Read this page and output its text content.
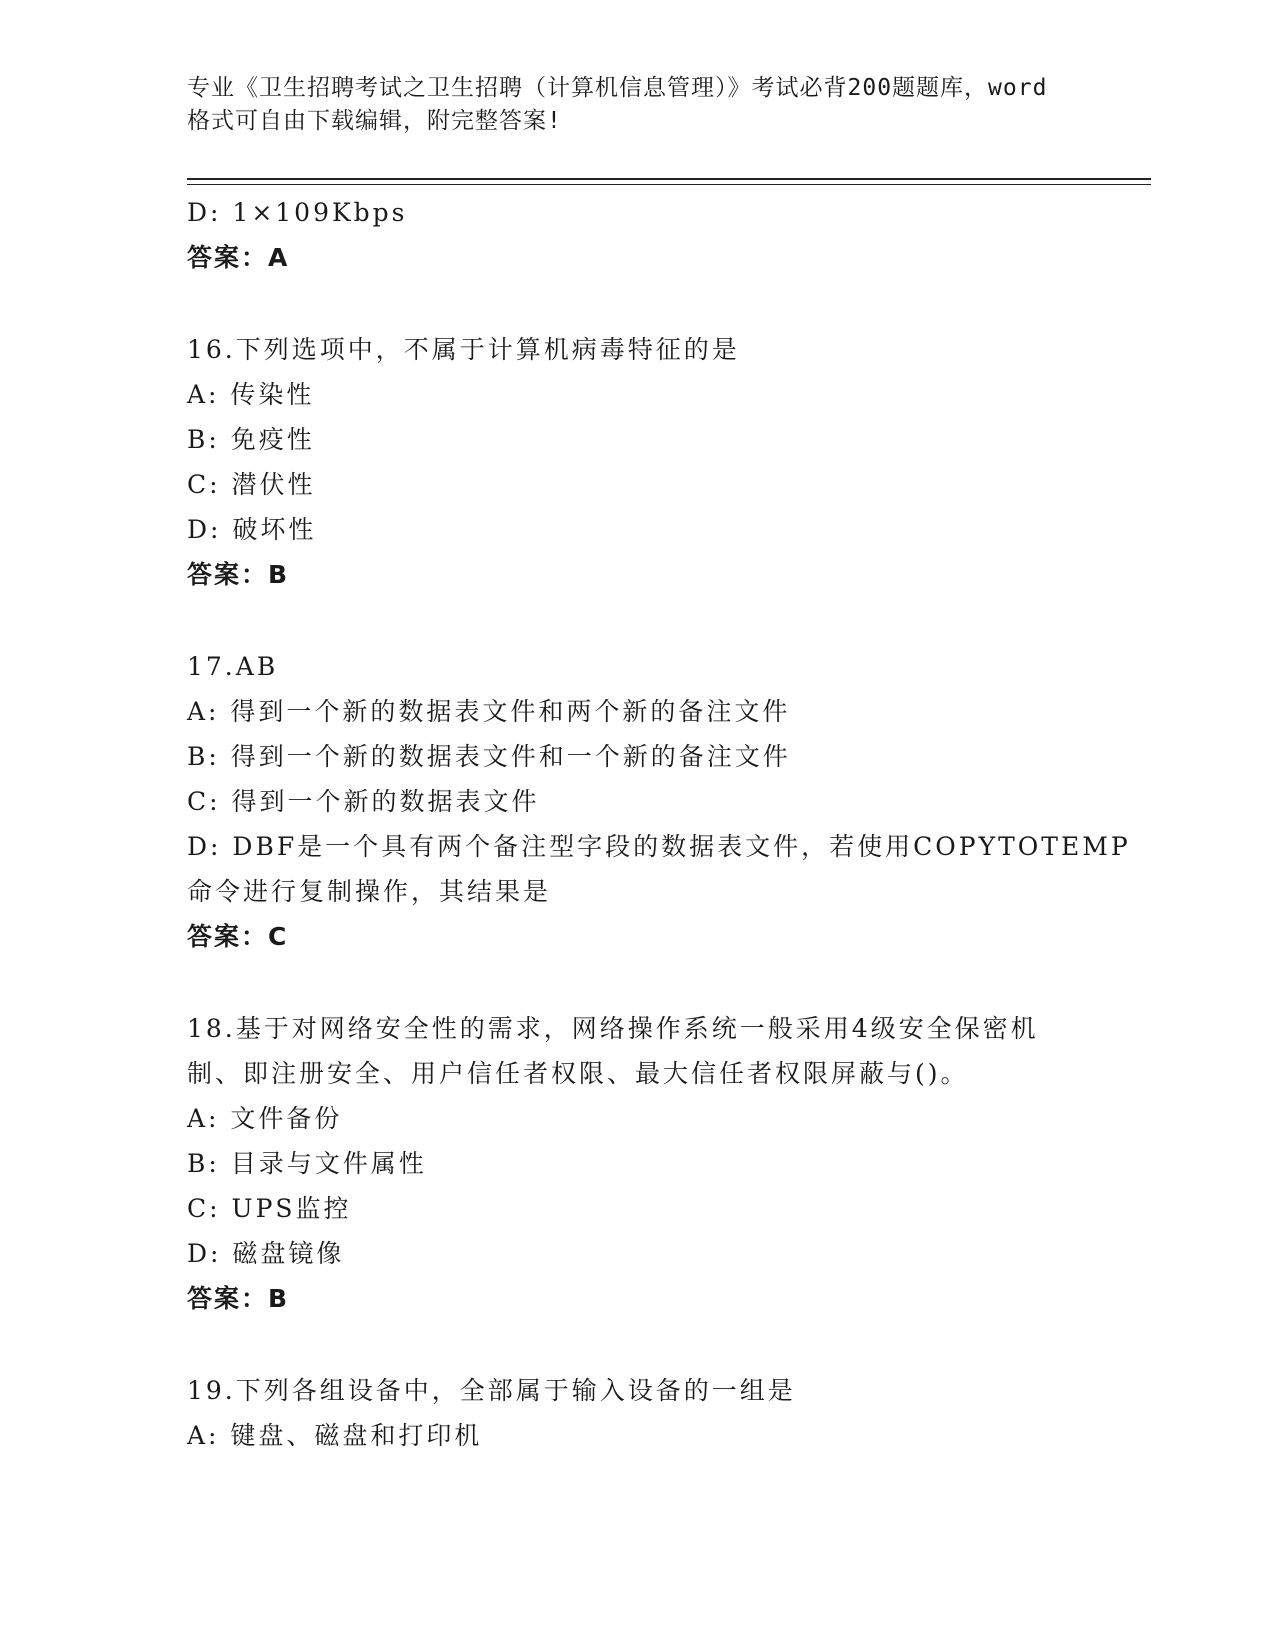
专业《卫生招聘考试之卫生招聘（计算机信息管理）》考试必背200题题库，word
格式可自由下载编辑，附完整答案!
D: 1×109Kbps
答案：A
16.下列选项中，不属于计算机病毒特征的是
A: 传染性
B: 免疫性
C: 潜伏性
D: 破坏性
答案：B
17.AB
A: 得到一个新的数据表文件和两个新的备注文件
B: 得到一个新的数据表文件和一个新的备注文件
C: 得到一个新的数据表文件
D: DBF是一个具有两个备注型字段的数据表文件，若使用COPYTOTEMP
命令进行复制操作，其结果是
答案：C
18.基于对网络安全性的需求，网络操作系统一般采用4级安全保密机
制、即注册安全、用户信任者权限、最大信任者权限屏蔽与()。
A: 文件备份
B: 目录与文件属性
C: UPS监控
D: 磁盘镜像
答案：B
19.下列各组设备中，全部属于输入设备的一组是
A: 键盘、磁盘和打印机
